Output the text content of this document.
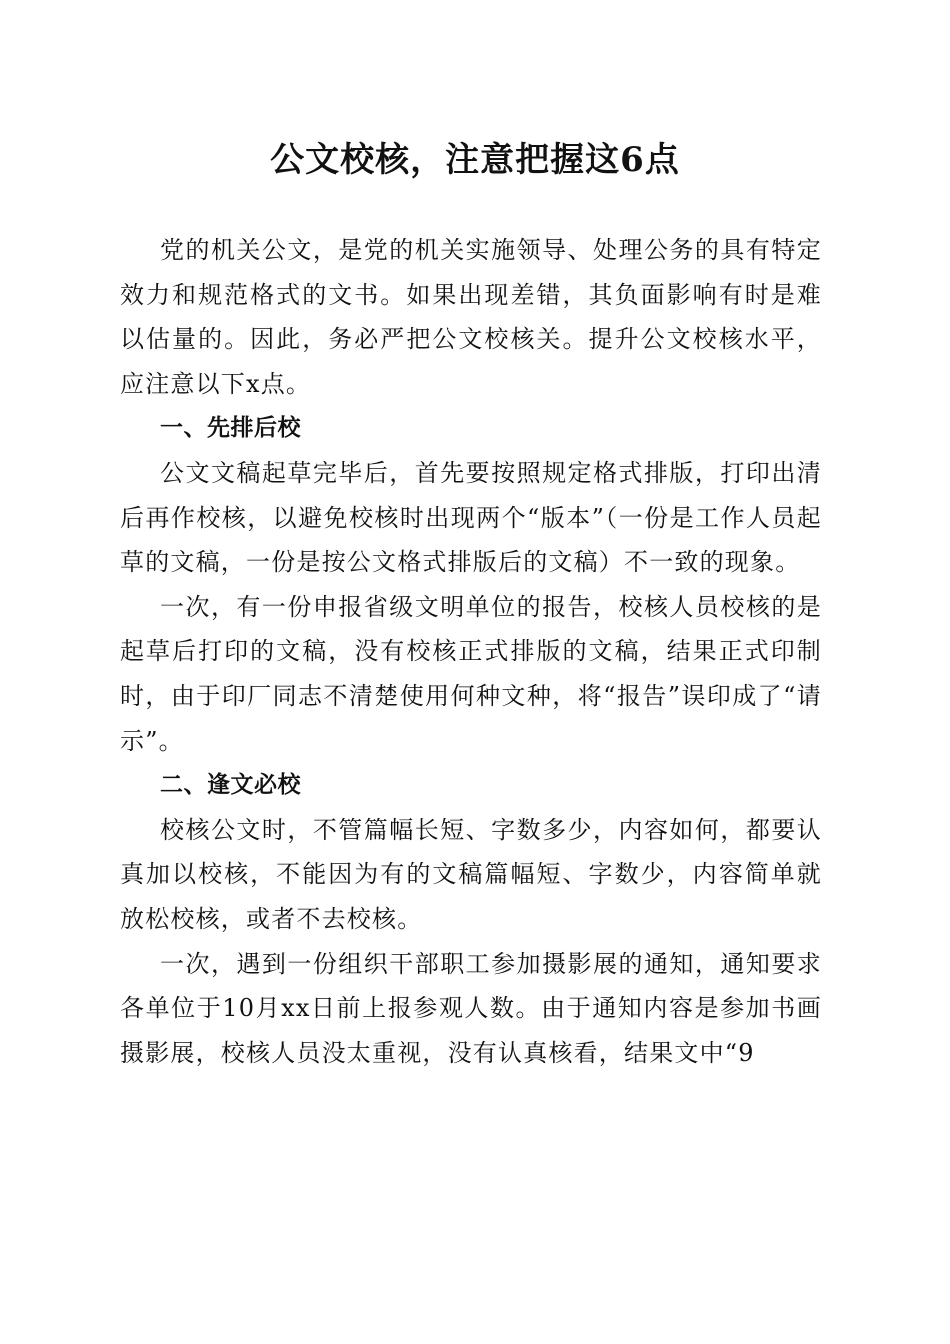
公文校核，注意把握这6点

党的机关公文，是党的机关实施领导、处理公务的具有特定效力和规范格式的文书。如果出现差错，其负面影响有时是难以估量的。因此，务必严把公文校核关。提升公文校核水平，应注意以下x点。

一、先排后校

公文文稿起草完毕后，首先要按照规定格式排版，打印出清后再作校核，以避免校核时出现两个“版本”（一份是工作人员起草的文稿，一份是按公文格式排版后的文稿）不一致的现象。

一次，有一份申报省级文明单位的报告，校核人员校核的是起草后打印的文稿，没有校核正式排版的文稿，结果正式印制时，由于印厂同志不清楚使用何种文种，将“报告”误印成了“请示”。

二、逢文必校

校核公文时，不管篇幅长短、字数多少，内容如何，都要认真加以校核，不能因为有的文稿篇幅短、字数少，内容简单就放松校核，或者不去校核。

一次，遇到一份组织干部职工参加摄影展的通知，通知要求各单位于10月xx日前上报参观人数。由于通知内容是参加书画摄影展，校核人员没太重视，没有认真核看，结果文中“9
